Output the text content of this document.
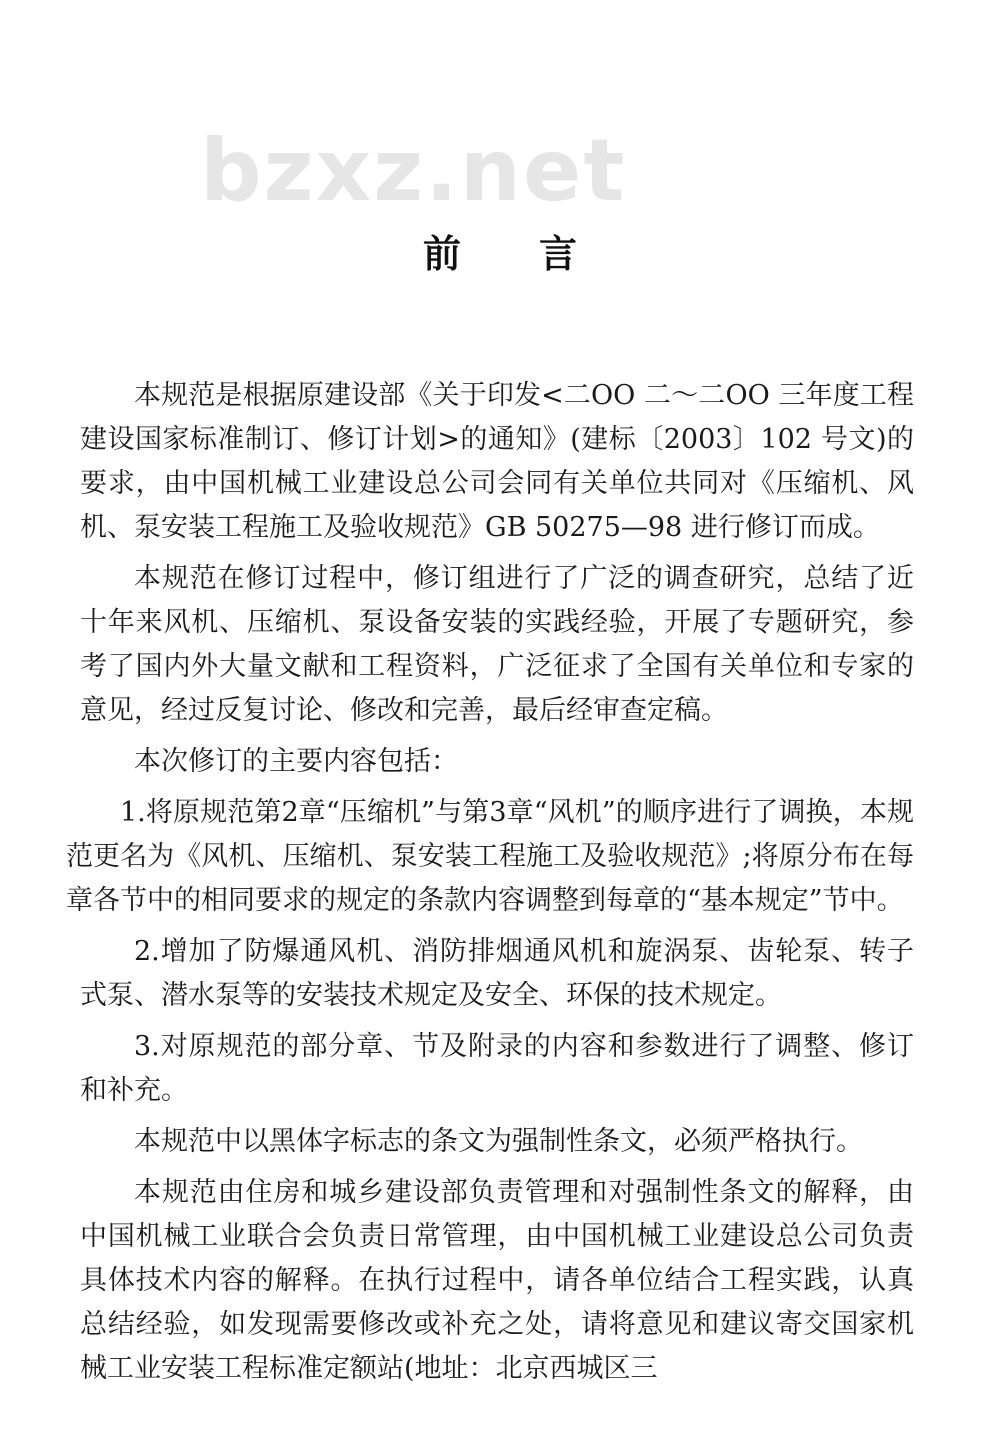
bzxz.net
前 言

本规范是根据原建设部《关于印发<二OO 二～二OO 三年度工程建设国家标准制订、修订计划>的通知》(建标〔2003〕102 号文)的要求，由中国机械工业建设总公司会同有关单位共同对《压缩机、风机、泵安装工程施工及验收规范》GB 50275—98 进行修订而成。

本规范在修订过程中，修订组进行了广泛的调查研究，总结了近十年来风机、压缩机、泵设备安装的实践经验，开展了专题研究，参考了国内外大量文献和工程资料，广泛征求了全国有关单位和专家的意见，经过反复讨论、修改和完善，最后经审查定稿。

本次修订的主要内容包括：

1.将原规范第2章“压缩机”与第3章“风机”的顺序进行了调换，本规范更名为《风机、压缩机、泵安装工程施工及验收规范》;将原分布在每章各节中的相同要求的规定的条款内容调整到每章的“基本规定”节中。

2.增加了防爆通风机、消防排烟通风机和旋涡泵、齿轮泵、转子式泵、潜水泵等的安装技术规定及安全、环保的技术规定。

3.对原规范的部分章、节及附录的内容和参数进行了调整、修订和补充。

本规范中以黑体字标志的条文为强制性条文，必须严格执行。

本规范由住房和城乡建设部负责管理和对强制性条文的解释，由中国机械工业联合会负责日常管理，由中国机械工业建设总公司负责具体技术内容的解释。在执行过程中，请各单位结合工程实践，认真总结经验，如发现需要修改或补充之处，请将意见和建议寄交国家机械工业安装工程标准定额站(地址：北京西城区三
